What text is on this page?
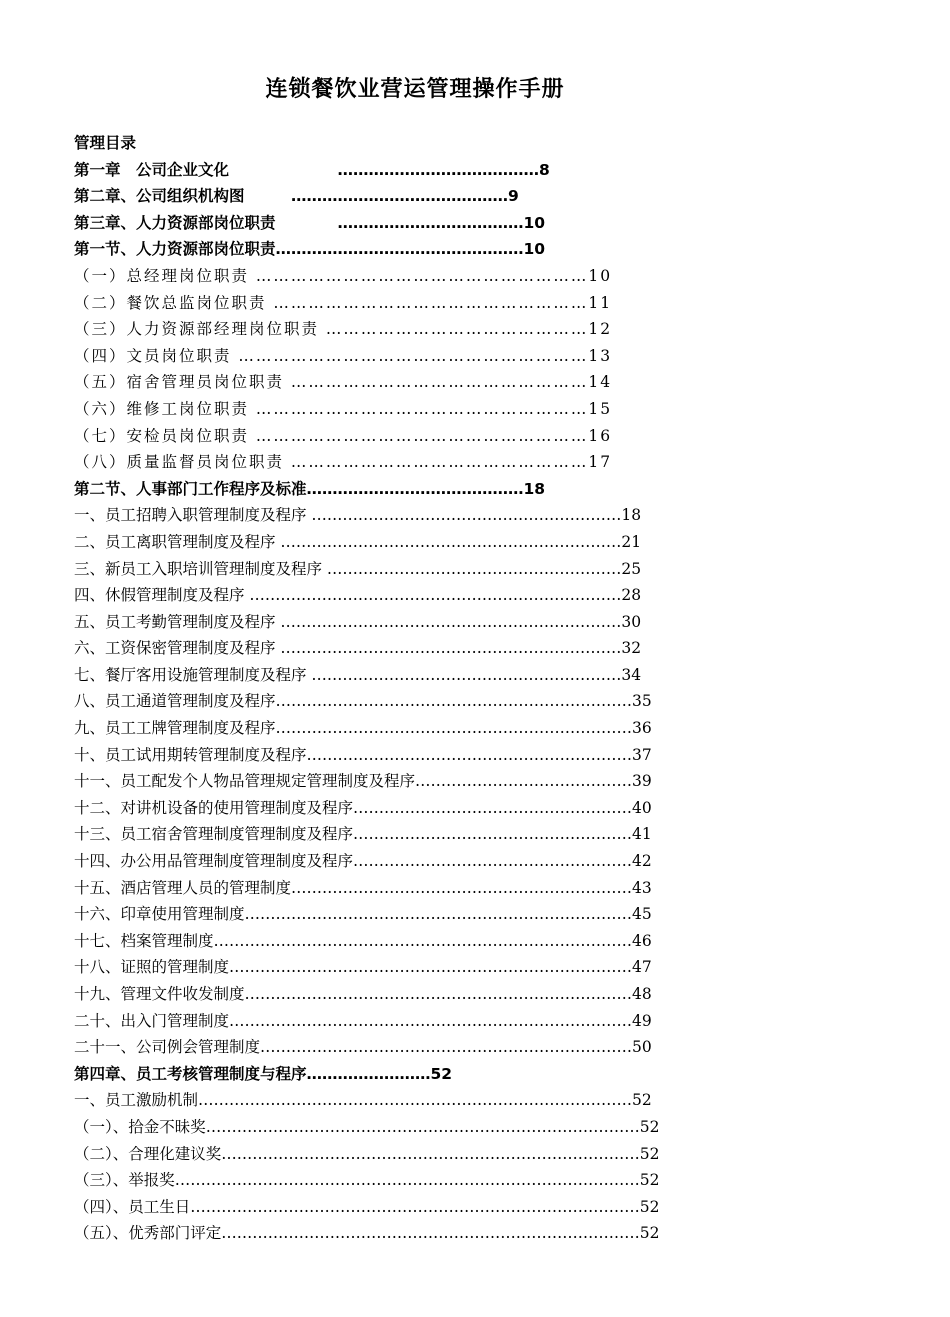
连锁餐饮业营运管理操作手册
管理目录
第一章　公司企业文化　　　　　　　…………………………………8
第二章、公司组织机构图　　　……………………………………9
第三章、人力资源部岗位职责　　　　………………………………10
第一节、人力资源部岗位职责…………………………………………10
（一）总经理岗位职责 …………………………………………………10
（二）餐饮总监岗位职责 ………………………………………………11
（三）人力资源部经理岗位职责 ………………………………………12
（四）文员岗位职责 ……………………………………………………13
（五）宿舍管理员岗位职责 ……………………………………………14
（六）维修工岗位职责 …………………………………………………15
（七）安检员岗位职责 …………………………………………………16
（八）质量监督员岗位职责 ……………………………………………17
第二节、人事部门工作程序及标准……………………………………18
一、员工招聘入职管理制度及程序 ……………………………………………………18
二、员工离职管理制度及程序 …………………………………………………………21
三、新员工入职培训管理制度及程序 …………………………………………………25
四、休假管理制度及程序 ………………………………………………………………28
五、员工考勤管理制度及程序 …………………………………………………………30
六、工资保密管理制度及程序 …………………………………………………………32
七、餐厅客用设施管理制度及程序 ……………………………………………………34
八、员工通道管理制度及程序……………………………………………………………35
九、员工工牌管理制度及程序……………………………………………………………36
十、员工试用期转管理制度及程序………………………………………………………37
十一、员工配发个人物品管理规定管理制度及程序……………………………………39
十二、对讲机设备的使用管理制度及程序………………………………………………40
十三、员工宿舍管理制度管理制度及程序………………………………………………41
十四、办公用品管理制度管理制度及程序………………………………………………42
十五、酒店管理人员的管理制度…………………………………………………………43
十六、印章使用管理制度…………………………………………………………………45
十七、档案管理制度………………………………………………………………………46
十八、证照的管理制度……………………………………………………………………47
十九、管理文件收发制度…………………………………………………………………48
二十、出入门管理制度……………………………………………………………………49
二十一、公司例会管理制度………………………………………………………………50
第四章、员工考核管理制度与程序……………………52
一、员工激励机制…………………………………………………………………………52
（一）、拾金不昧奖…………………………………………………………………………52
（二）、合理化建议奖………………………………………………………………………52
（三）、举报奖………………………………………………………………………………52
（四）、员工生日……………………………………………………………………………52
（五）、优秀部门评定………………………………………………………………………52
